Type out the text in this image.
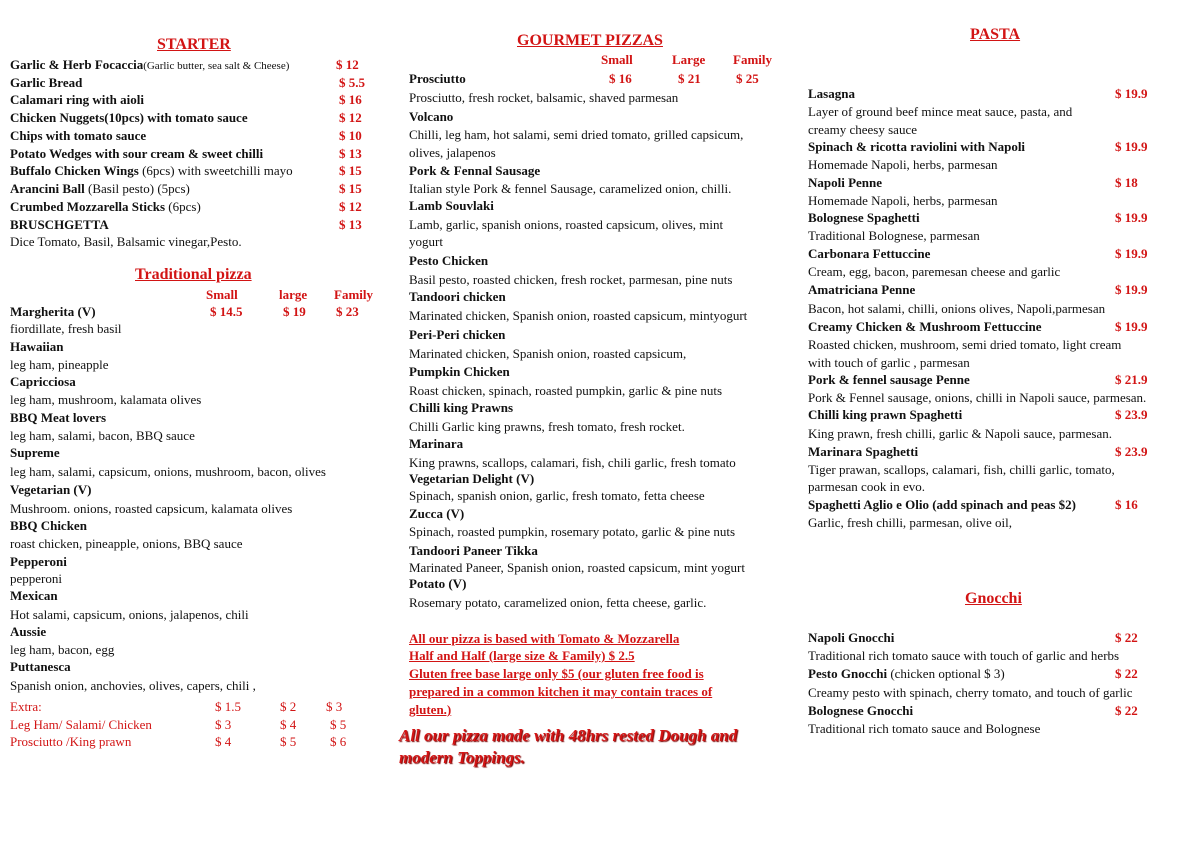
STARTER
Garlic & Herb Focaccia(Garlic butter, sea salt & Cheese)	$ 12
Garlic Bread	$ 5.5
Calamari ring with aioli	$ 16
Chicken Nuggets(10pcs) with tomato sauce	$ 12
Chips with tomato sauce	$ 10
Potato Wedges with sour cream & sweet chilli	$ 13
Buffalo Chicken Wings (6pcs) with sweetchilli mayo	$ 15
Arancini Ball (Basil pesto) (5pcs)	$ 15
Crumbed Mozzarella Sticks (6pcs)	$ 12
BRUSCHGETTA	$ 13
Dice Tomato, Basil, Balsamic vinegar,Pesto.
Traditional pizza
Small	large Family
Margherita (V)	$ 14.5	$ 19 $ 23
fiordillate, fresh basil
Hawaiian
leg ham, pineapple
Capricciosa
leg ham, mushroom, kalamata olives
BBQ Meat lovers
leg ham, salami, bacon, BBQ sauce
Supreme
leg ham, salami, capsicum, onions, mushroom, bacon, olives
Vegetarian (V)
Mushroom. onions, roasted capsicum, kalamata olives
BBQ Chicken
roast chicken, pineapple, onions, BBQ sauce
Pepperoni
pepperoni
Mexican
Hot salami, capsicum, onions, jalapenos, chili
Aussie
leg ham, bacon, egg
Puttanesca
Spanish onion, anchovies, olives, capers, chili ,
Extra:	$ 1.5	$ 2 $ 3
Leg Ham/ Salami/ Chicken	$ 3	$ 4	$ 5
Prosciutto /King prawn	$ 4	$ 5	$ 6
GOURMET PIZZAS
Small	Large Family
Prosciutto	$ 16	$ 21	$ 25
Prosciutto, fresh rocket, balsamic, shaved parmesan
Volcano
Chilli, leg ham, hot salami, semi dried tomato, grilled capsicum,
olives, jalapenos
Pork & Fennal Sausage
Italian style Pork & fennel Sausage, caramelized onion, chilli.
Lamb Souvlaki
Lamb, garlic, spanish onions, roasted capsicum, olives, mint
yogurt
Pesto Chicken
Basil pesto, roasted chicken, fresh rocket, parmesan, pine nuts
Tandoori chicken
Marinated chicken, Spanish onion, roasted capsicum, mintyogurt
Peri-Peri chicken
Marinated chicken, Spanish onion, roasted capsicum,
Pumpkin Chicken
Roast chicken, spinach, roasted pumpkin, garlic & pine nuts
Chilli king Prawns
Chilli Garlic king prawns, fresh tomato, fresh rocket.
Marinara
King prawns, scallops, calamari, fish, chili garlic, fresh tomato
Vegetarian Delight (V)
Spinach, spanish onion, garlic, fresh tomato, fetta cheese
Zucca (V)
Spinach, roasted pumpkin, rosemary potato, garlic & pine nuts
Tandoori Paneer Tikka
Marinated Paneer, Spanish onion, roasted capsicum, mint yogurt
Potato (V)
Rosemary potato, caramelized onion, fetta cheese, garlic.
All our pizza is based with Tomato & Mozzarella
Half and Half (large size & Family) $ 2.5
Gluten free base large only $5 (our gluten free food is
prepared in a common kitchen it may contain traces of
gluten.)
All our pizza made with 48hrs rested Dough and
modern Toppings.
PASTA
Lasagna	$ 19.9
Layer of ground beef mince meat sauce, pasta, and
creamy cheesy sauce
Spinach & ricotta raviolini with Napoli	$ 19.9
Homemade Napoli, herbs, parmesan
Napoli Penne	$ 18
Homemade Napoli, herbs, parmesan
Bolognese Spaghetti	$ 19.9
Traditional Bolognese, parmesan
Carbonara Fettuccine	$ 19.9
Cream, egg, bacon, paremesan cheese and garlic
Amatriciana Penne	$ 19.9
Bacon, hot salami, chilli, onions olives, Napoli,parmesan
Creamy Chicken & Mushroom Fettuccine	$ 19.9
Roasted chicken, mushroom, semi dried tomato, light cream
with touch of garlic , parmesan
Pork & fennel sausage Penne	$ 21.9
Pork & Fennel sausage, onions, chilli in Napoli sauce, parmesan.
Chilli king prawn Spaghetti	$ 23.9
King prawn, fresh chilli, garlic & Napoli sauce, parmesan.
Marinara Spaghetti	$ 23.9
Tiger prawan, scallops, calamari, fish, chilli garlic, tomato,
parmesan cook in evo.
Spaghetti Aglio e Olio (add spinach and peas $2)	$ 16
Garlic, fresh chilli, parmesan, olive oil,
Gnocchi
Napoli Gnocchi	$ 22
Traditional rich tomato sauce with touch of garlic and herbs
Pesto Gnocchi (chicken optional $ 3)	$ 22
Creamy pesto with spinach, cherry tomato, and touch of garlic
Bolognese Gnocchi	$ 22
Traditional rich tomato sauce and Bolognese
